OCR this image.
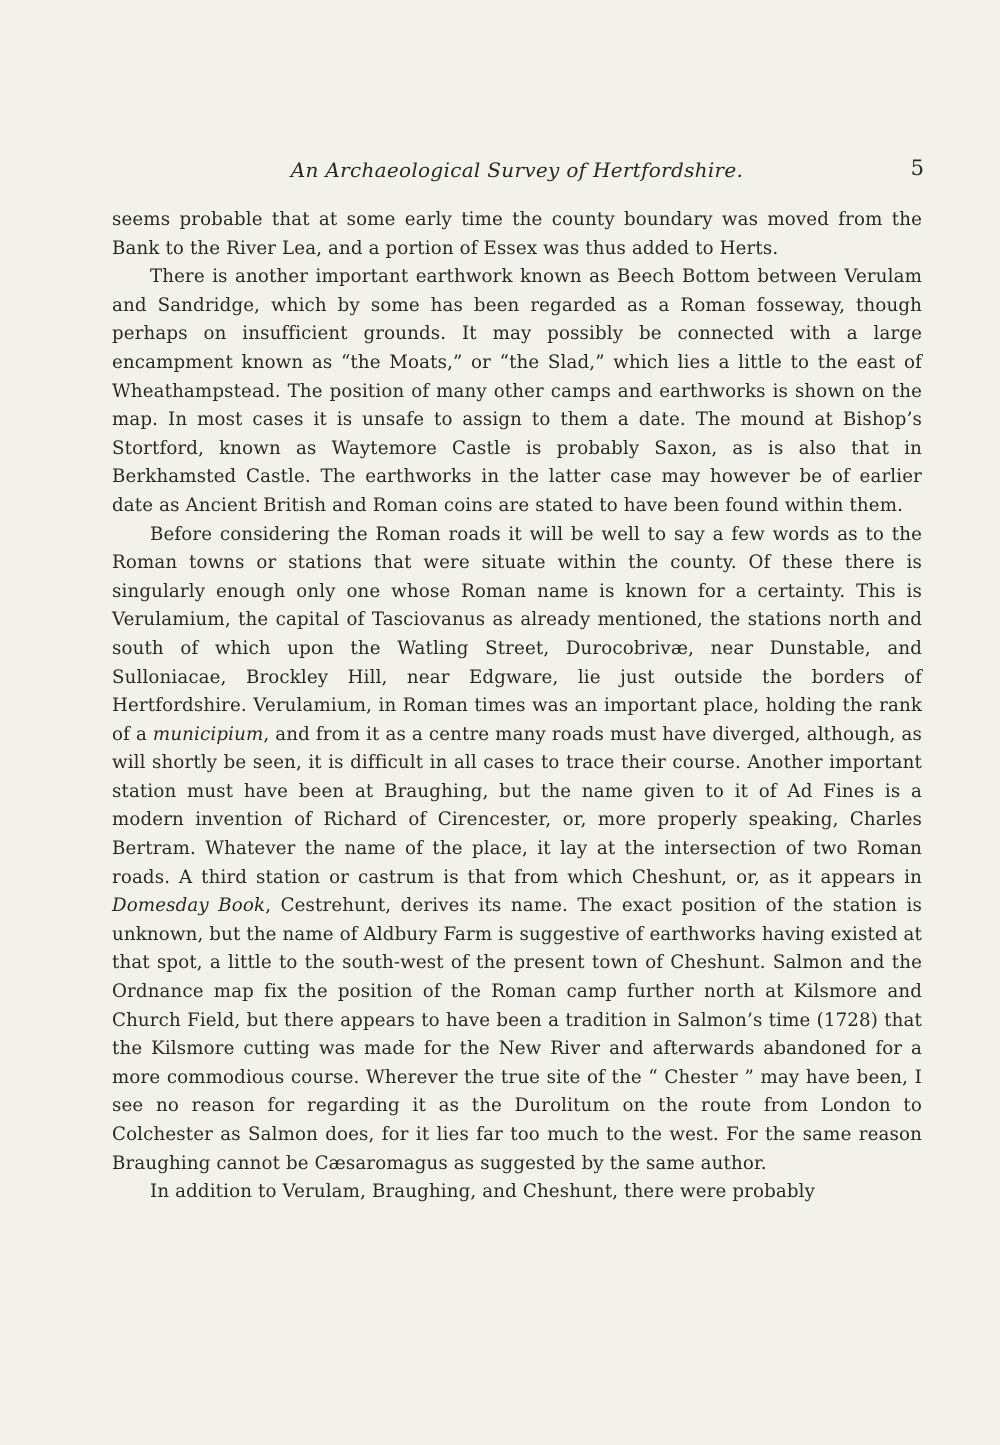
An Archaeological Survey of Hertfordshire.	5

seems probable that at some early time the county boundary was moved from the Bank to the River Lea, and a portion of Essex was thus added to Herts.

There is another important earthwork known as Beech Bottom between Verulam and Sandridge, which by some has been regarded as a Roman fosseway, though perhaps on insufficient grounds. It may possibly be connected with a large encampment known as “the Moats,” or “the Slad,” which lies a little to the east of Wheathampstead. The position of many other camps and earthworks is shown on the map. In most cases it is unsafe to assign to them a date. The mound at Bishop’s Stortford, known as Waytemore Castle is probably Saxon, as is also that in Berkhamsted Castle. The earthworks in the latter case may however be of earlier date as Ancient British and Roman coins are stated to have been found within them.

Before considering the Roman roads it will be well to say a few words as to the Roman towns or stations that were situate within the county. Of these there is singularly enough only one whose Roman name is known for a certainty. This is Verulamium, the capital of Tasciovanus as already mentioned, the stations north and south of which upon the Watling Street, Durocobrivæ, near Dunstable, and Sulloniacae, Brockley Hill, near Edgware, lie just outside the borders of Hertfordshire. Verulamium, in Roman times was an important place, holding the rank of a municipium, and from it as a centre many roads must have diverged, although, as will shortly be seen, it is difficult in all cases to trace their course. Another important station must have been at Braughing, but the name given to it of Ad Fines is a modern invention of Richard of Cirencester, or, more properly speaking, Charles Bertram. Whatever the name of the place, it lay at the intersection of two Roman roads. A third station or castrum is that from which Cheshunt, or, as it appears in Domesday Book, Cestrehunt, derives its name. The exact position of the station is unknown, but the name of Aldbury Farm is suggestive of earthworks having existed at that spot, a little to the south-west of the present town of Cheshunt. Salmon and the Ordnance map fix the position of the Roman camp further north at Kilsmore and Church Field, but there appears to have been a tradition in Salmon’s time (1728) that the Kilsmore cutting was made for the New River and afterwards abandoned for a more commodious course. Wherever the true site of the “ Chester ” may have been, I see no reason for regarding it as the Durolitum on the route from London to Colchester as Salmon does, for it lies far too much to the west. For the same reason Braughing cannot be Cæsaromagus as suggested by the same author.

In addition to Verulam, Braughing, and Cheshunt, there were probably
